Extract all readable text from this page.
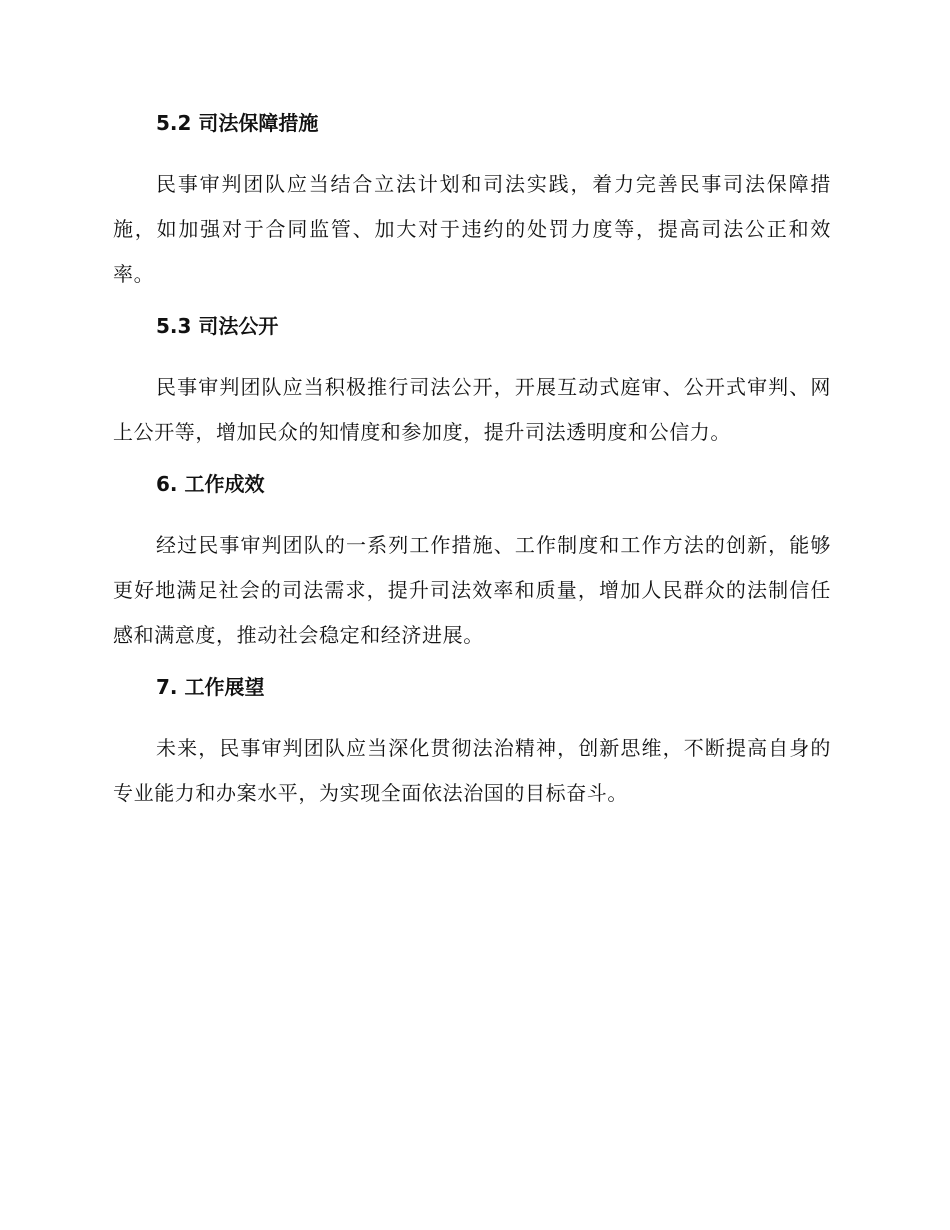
5.2 司法保障措施

民事审判团队应当结合立法计划和司法实践，着力完善民事司法保障措施，如加强对于合同监管、加大对于违约的处罚力度等，提高司法公正和效率。

5.3 司法公开

民事审判团队应当积极推行司法公开，开展互动式庭审、公开式审判、网上公开等，增加民众的知情度和参加度，提升司法透明度和公信力。

6. 工作成效

经过民事审判团队的一系列工作措施、工作制度和工作方法的创新，能够更好地满足社会的司法需求，提升司法效率和质量，增加人民群众的法制信任感和满意度，推动社会稳定和经济进展。

7. 工作展望

未来，民事审判团队应当深化贯彻法治精神，创新思维，不断提高自身的专业能力和办案水平，为实现全面依法治国的目标奋斗。
